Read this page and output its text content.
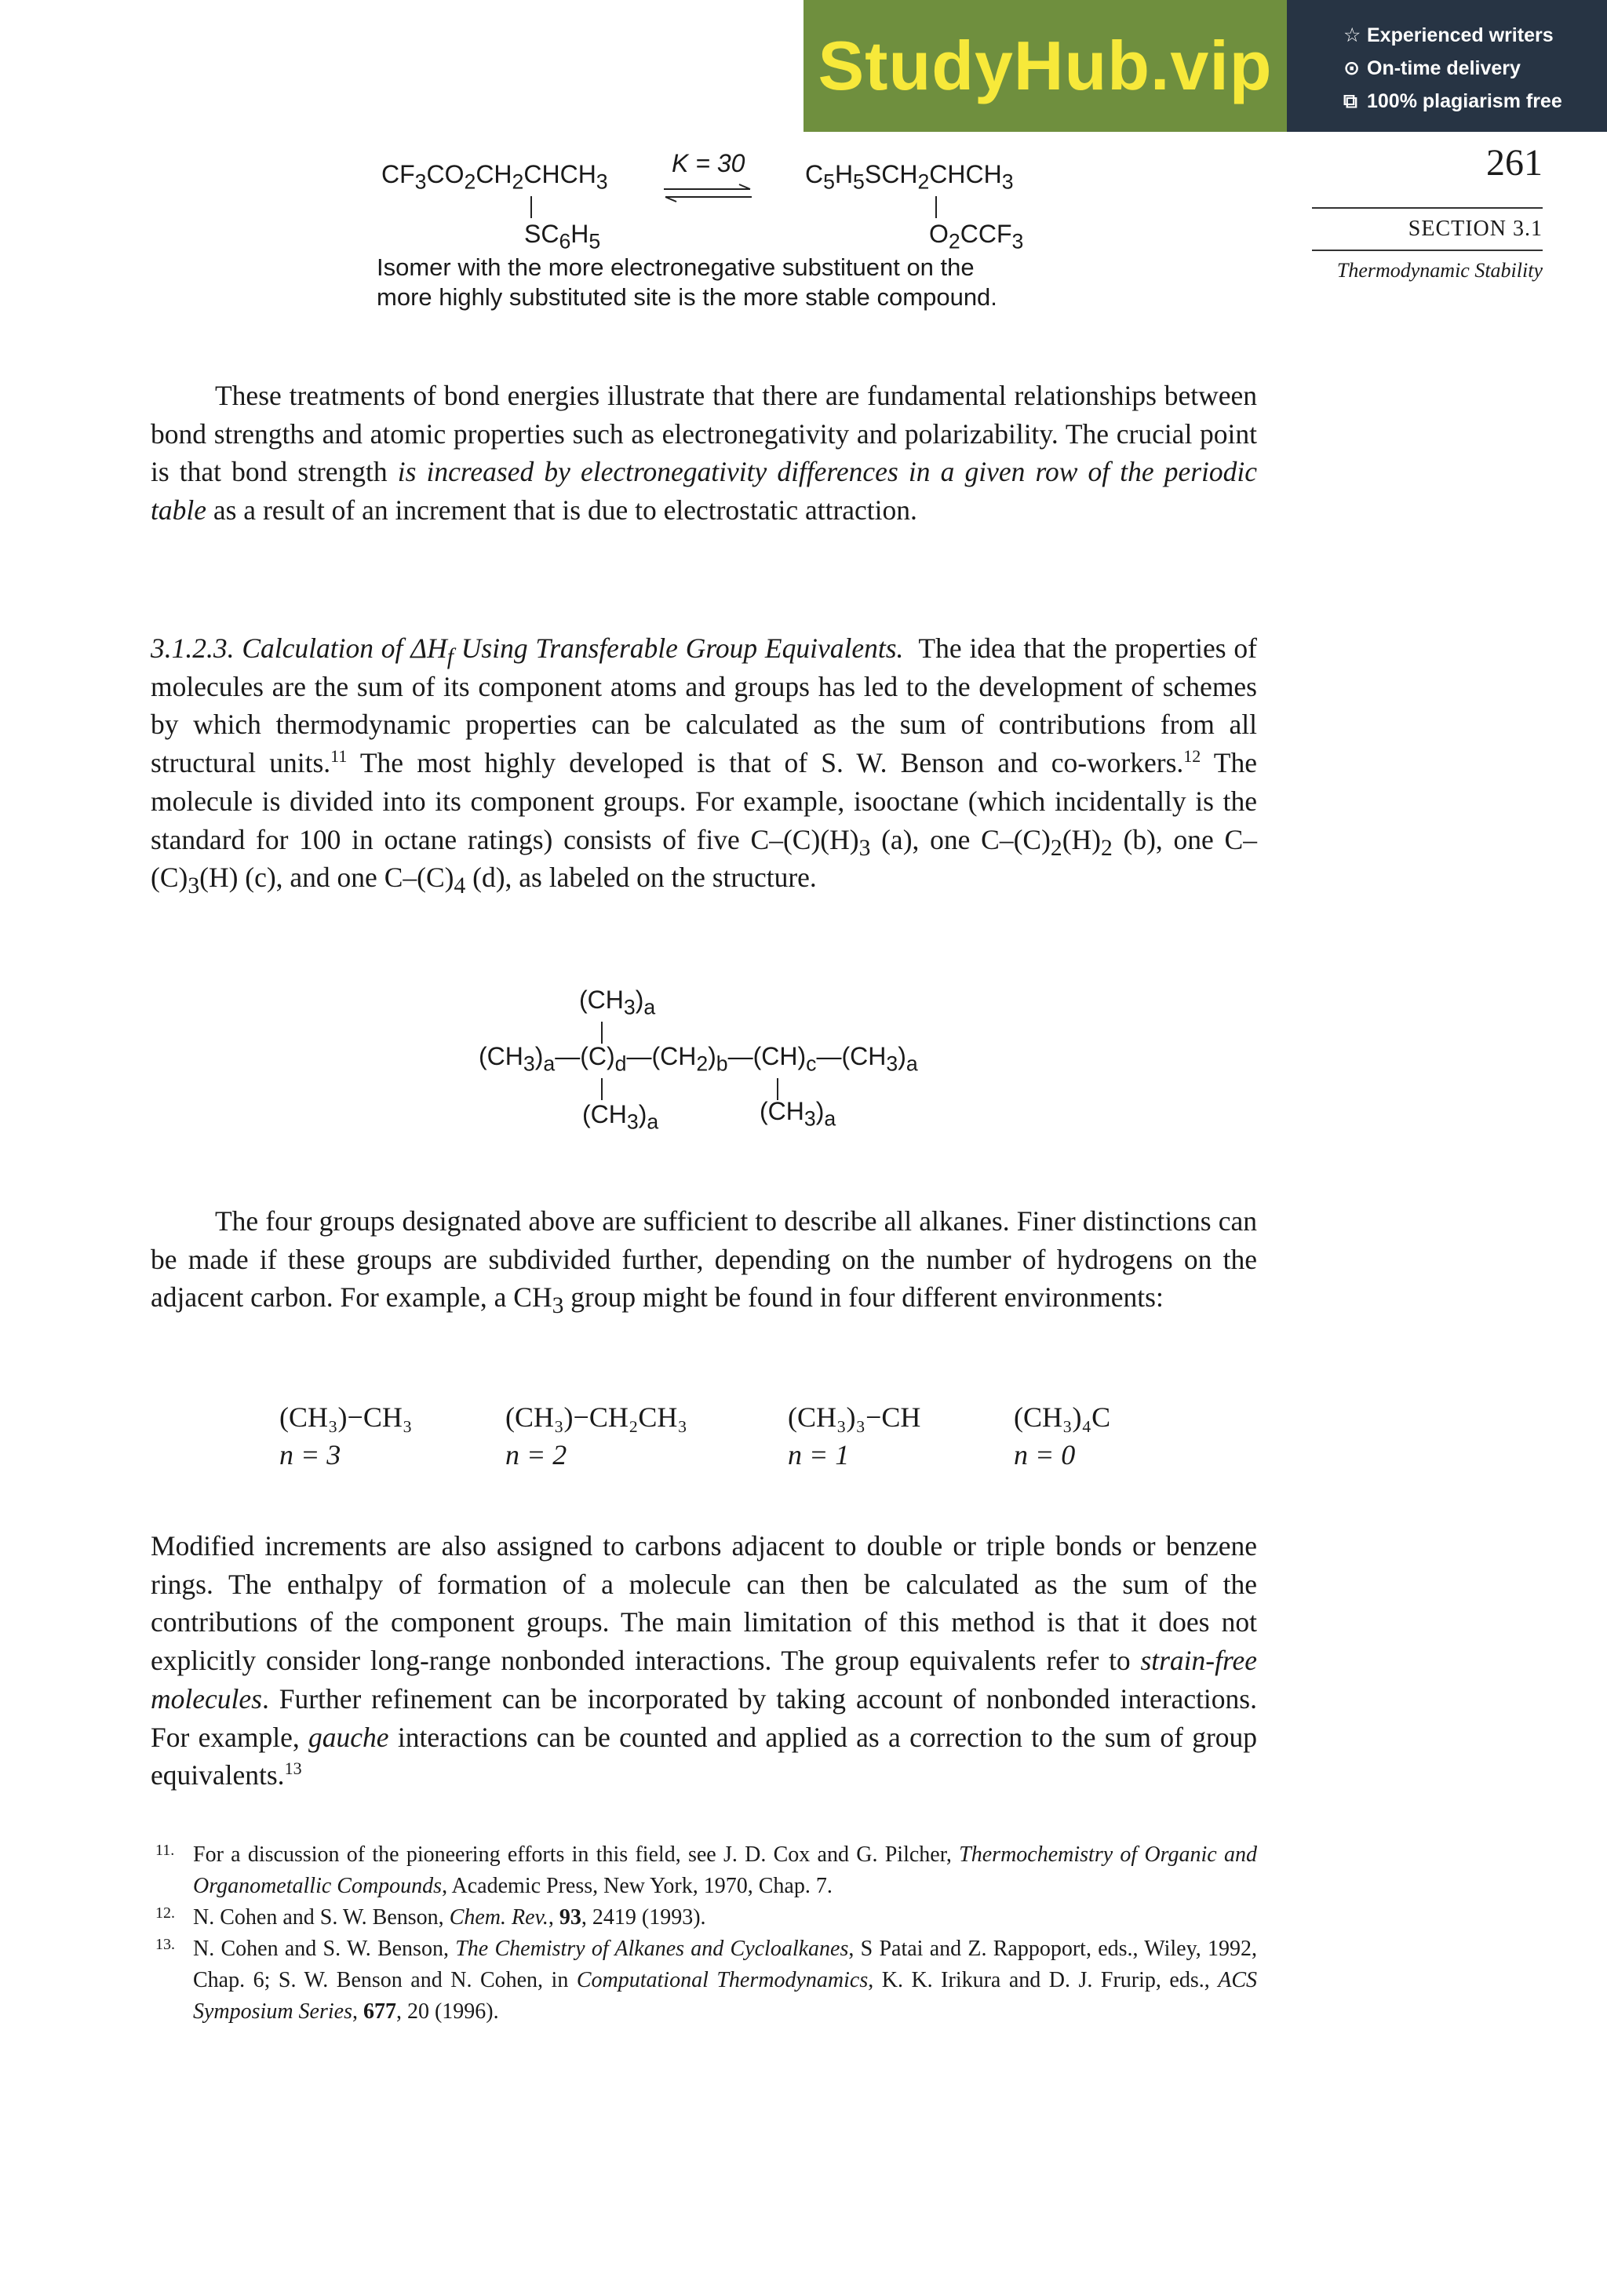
StudyHub.vip	☆ Experienced writers
⊙ On-time delivery
⧉ 100% plagiarism free
261
SECTION 3.1
Thermodynamic Stability
$CF_3CO_2CH_2CHCH_3$
$SC_6H_5$
K = 30 $C_5H_5SCH_2CHCH_3$
$O_2CCF_3$
Isomer with the more electronegative substituent on the
more highly substituted site is the more stable compound.
These treatments of bond energies illustrate that there are fundamental relationships between bond strengths and atomic properties such as electronegativity and polarizability. The crucial point is that bond strength is increased by electronegativity differences in a given row of the periodic table as a result of an increment that is due to electrostatic attraction.
3.1.2.3. Calculation of $\Delta H_f$ Using Transferable Group Equivalents. The idea that the properties of molecules are the sum of its component atoms and groups has led to the development of schemes by which thermodynamic properties can be calculated as the sum of contributions from all structural units.$^{11}$ The most highly developed is that of S. W. Benson and co-workers.$^{12}$ The molecule is divided into its component groups. For example, isooctane (which incidentally is the standard for 100 in octane ratings) consists of five $C-(C)(H)_3$ (a), one $C-(C)_2(H)_2$ (b), one $C-(C)_3(H)$ (c), and one $C-(C)_4$ (d), as labeled on the structure.
$(CH_3)_a$
$(CH_3)_a—(C)_d—(CH_2)_b—(CH)_c—(CH_3)_a$
$(CH_3)_a$	$(CH_3)_a$
The four groups designated above are sufficient to describe all alkanes. Finer distinctions can be made if these groups are subdivided further, depending on the number of hydrogens on the adjacent carbon. For example, a $CH_3$ group might be found in four different environments:
(CH₃)−CH₃
n = 3
(CH₃)−CH₂CH₃
n = 2
(CH₃)₃−CH
n = 1
(CH₃)₄C
n = 0
Modified increments are also assigned to carbons adjacent to double or triple bonds or benzene rings. The enthalpy of formation of a molecule can then be calculated as the sum of the contributions of the component groups. The main limitation of this method is that it does not explicitly consider long-range nonbonded interactions. The group equivalents refer to strain-free molecules. Further refinement can be incorporated by taking account of nonbonded interactions. For example, gauche interactions can be counted and applied as a correction to the sum of group equivalents.$^{13}$
11. For a discussion of the pioneering efforts in this field, see J. D. Cox and G. Pilcher, Thermochemistry of Organic and Organometallic Compounds, Academic Press, New York, 1970, Chap. 7.
12. N. Cohen and S. W. Benson, Chem. Rev., 93, 2419 (1993).
13. N. Cohen and S. W. Benson, The Chemistry of Alkanes and Cycloalkanes, S Patai and Z. Rappoport, eds., Wiley, 1992, Chap. 6; S. W. Benson and N. Cohen, in Computational Thermodynamics, K. K. Irikura and D. J. Frurip, eds., ACS Symposium Series, 677, 20 (1996).
